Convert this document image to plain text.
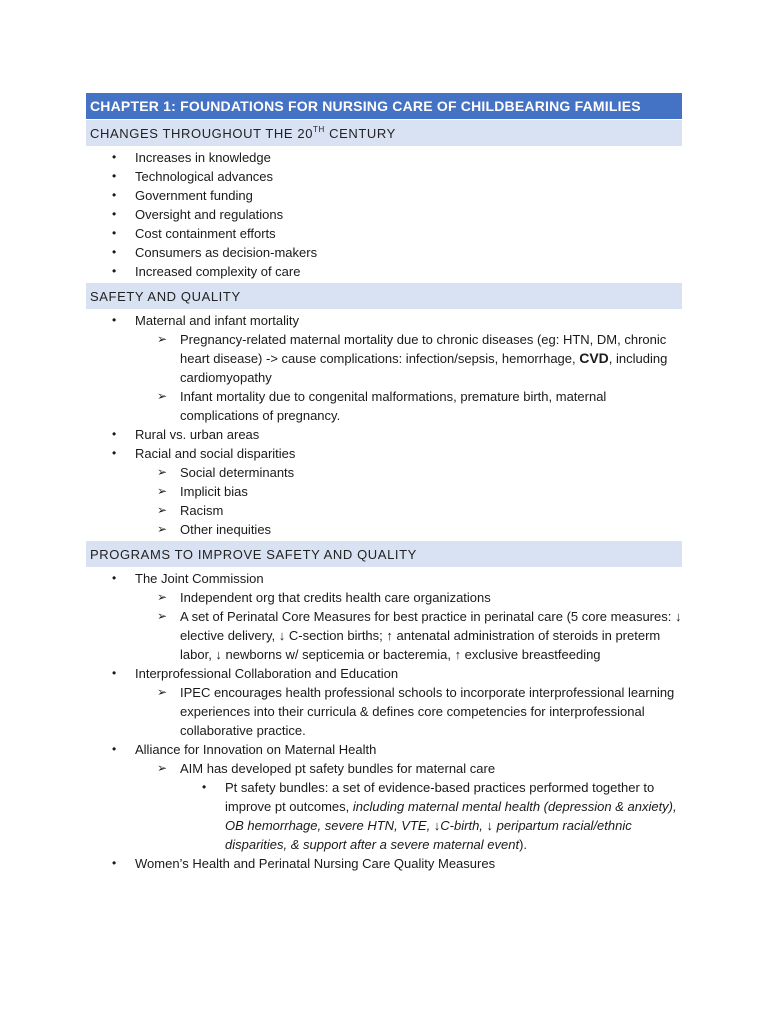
CHAPTER 1: FOUNDATIONS FOR NURSING CARE OF CHILDBEARING FAMILIES
CHANGES THROUGHOUT THE 20TH CENTURY
• Increases in knowledge
• Technological advances
• Government funding
• Oversight and regulations
• Cost containment efforts
• Consumers as decision-makers
• Increased complexity of care
SAFETY AND QUALITY
• Maternal and infant mortality
➢ Pregnancy-related maternal mortality due to chronic diseases (eg: HTN, DM, chronic heart disease) -> cause complications: infection/sepsis, hemorrhage, CVD, including cardiomyopathy
➢ Infant mortality due to congenital malformations, premature birth, maternal complications of pregnancy.
• Rural vs. urban areas
• Racial and social disparities
➢ Social determinants
➢ Implicit bias
➢ Racism
➢ Other inequities
PROGRAMS TO IMPROVE SAFETY AND QUALITY
• The Joint Commission
➢ Independent org that credits health care organizations
➢ A set of Perinatal Core Measures for best practice in perinatal care (5 core measures: ↓ elective delivery, ↓ C-section births; ↑ antenatal administration of steroids in preterm labor, ↓ newborns w/ septicemia or bacteremia, ↑ exclusive breastfeeding
• Interprofessional Collaboration and Education
➢ IPEC encourages health professional schools to incorporate interprofessional learning experiences into their curricula & defines core competencies for interprofessional collaborative practice.
• Alliance for Innovation on Maternal Health
➢ AIM has developed pt safety bundles for maternal care
• Pt safety bundles: a set of evidence-based practices performed together to improve pt outcomes, including maternal mental health (depression & anxiety), OB hemorrhage, severe HTN, VTE, ↓C-birth, ↓ peripartum racial/ethnic disparities, & support after a severe maternal event).
• Women’s Health and Perinatal Nursing Care Quality Measures
